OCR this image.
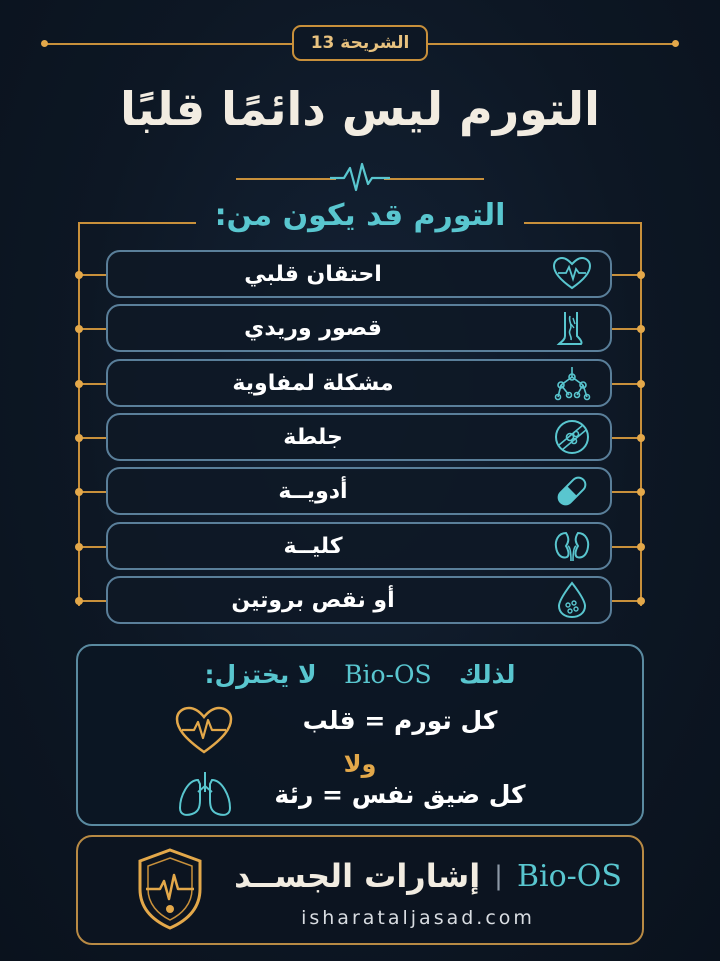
الشريحة 13
التورم ليس دائمًا قلبًا
التورم قد يكون من:
احتقان قلبي
قصور وريدي
مشكلة لمفاوية
جلطة
أدويــة
كليــة
أو نقص بروتين
لذلك  Bio-OS  لا يختزل:
كل تورم = قلب
ولا
كل ضيق نفس = رئة
إشارات الجســد | Bio-OS
isharataljasad.com
